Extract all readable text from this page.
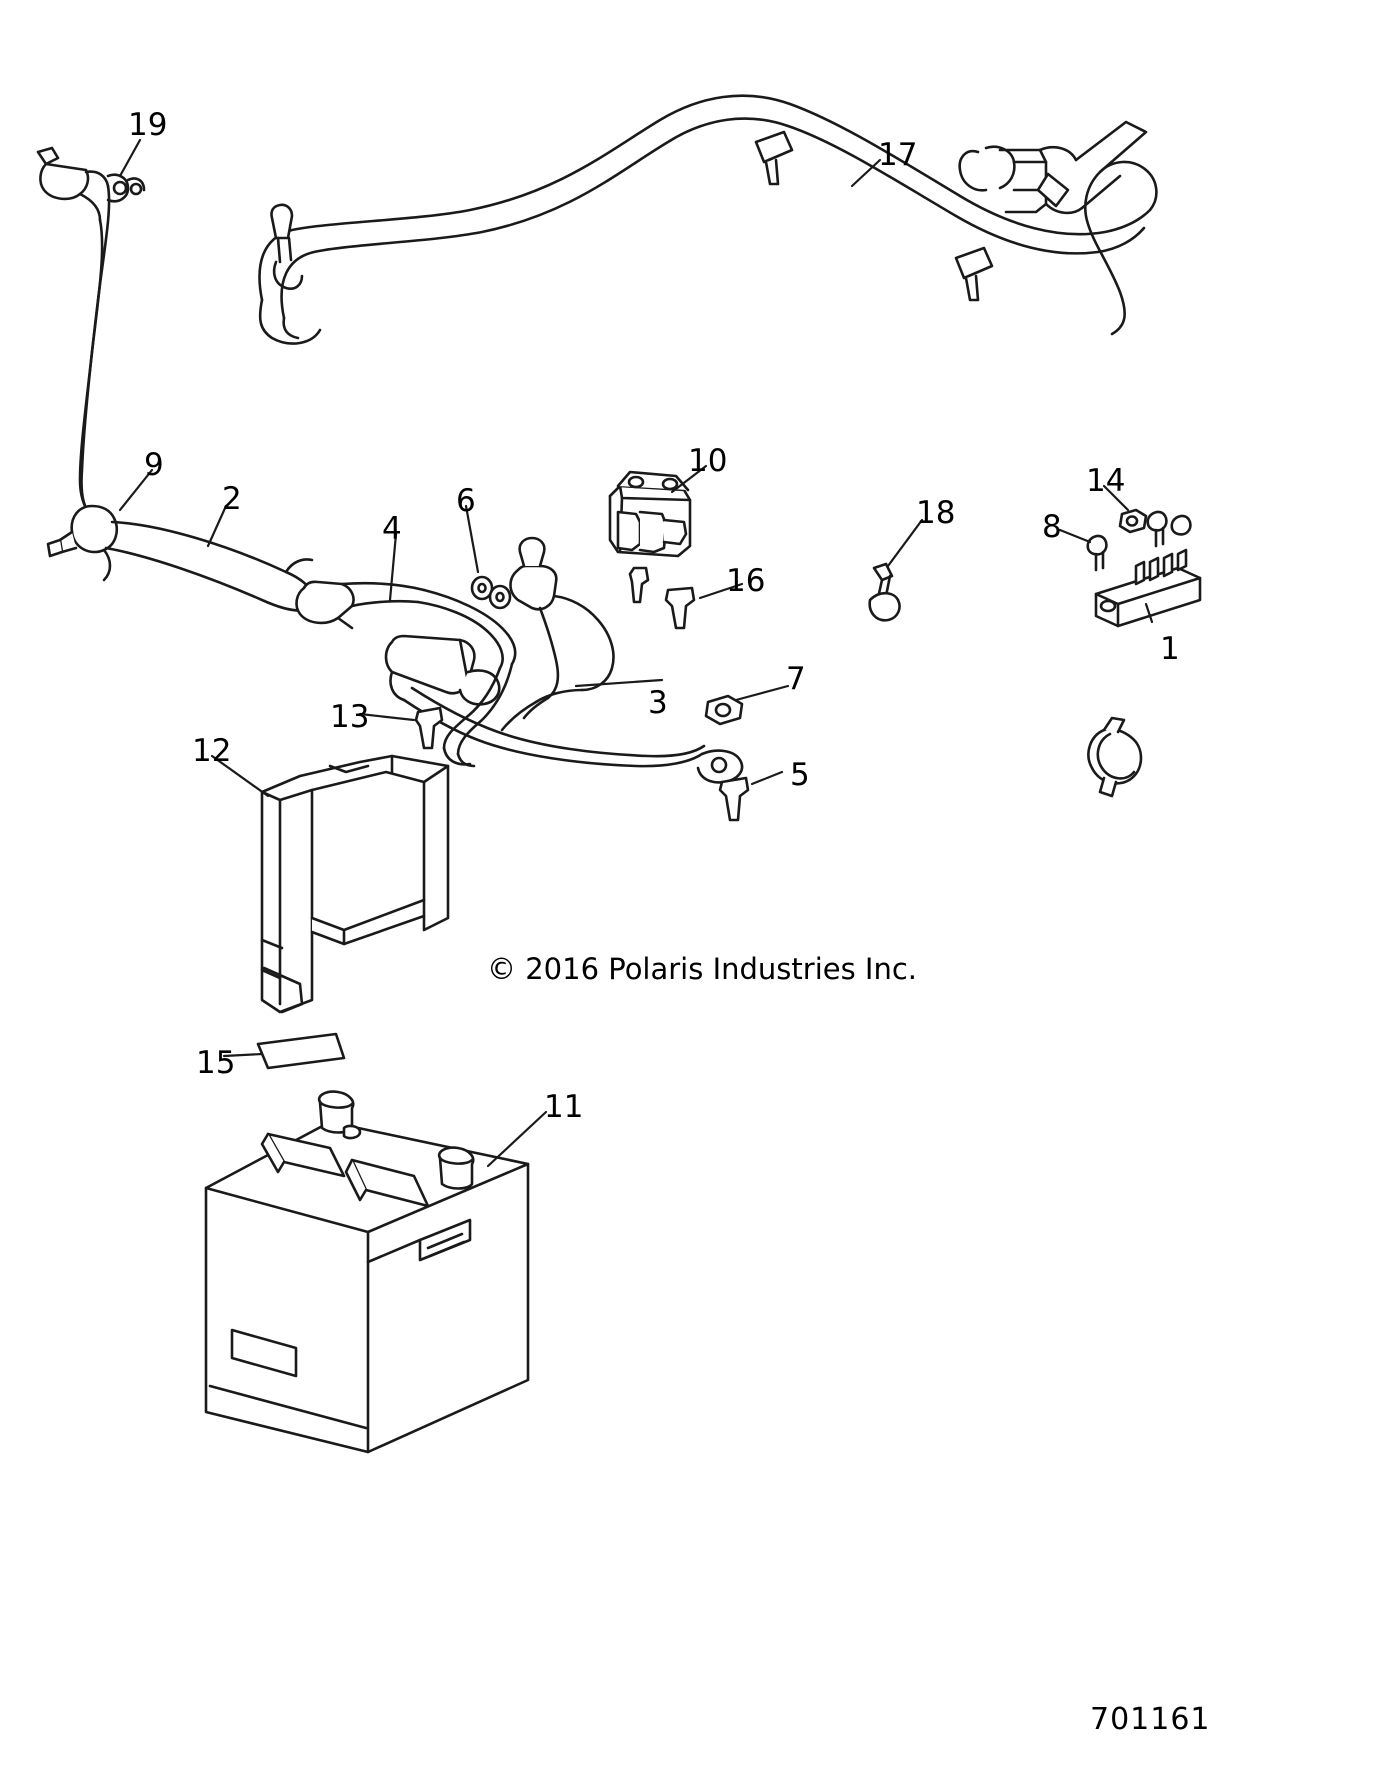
19
17
9
2	6
10
14
18	8
4
16
1
3
7
13
12
5
15
11
© 2016 Polaris Industries Inc.
701161
